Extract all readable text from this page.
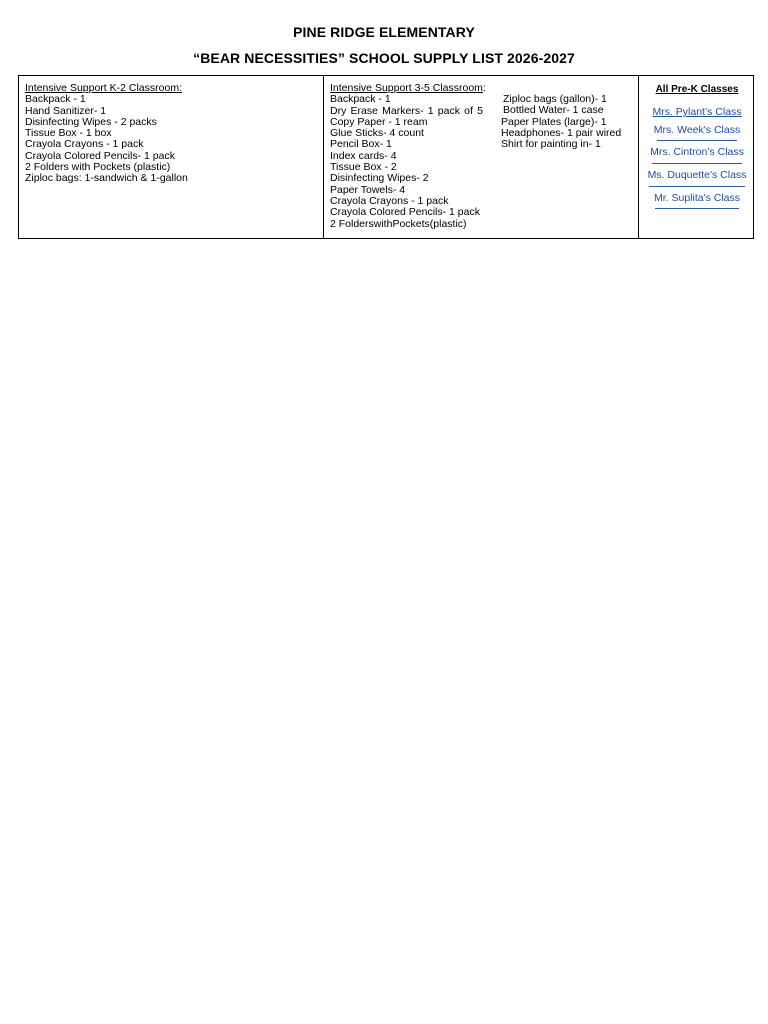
PINE RIDGE ELEMENTARY
“BEAR NECESSITIES” SCHOOL SUPPLY LIST 2026-2027
Intensive Support K-2 Classroom:
Backpack - 1
Hand Sanitizer- 1
Disinfecting Wipes - 2 packs
Tissue Box - 1 box
Crayola Crayons - 1 pack
Crayola Colored Pencils- 1 pack
2 Folders with Pockets (plastic)
Ziploc bags: 1-sandwich & 1-gallon
Intensive Support 3-5 Classroom:
Backpack - 1
Dry Erase Markers- 1 pack of 5
Copy Paper - 1 ream
Glue Sticks- 4 count
Pencil Box- 1
Index cards- 4
Tissue Box - 2
Disinfecting Wipes- 2
Paper Towels- 4
Crayola Crayons - 1 pack
Crayola Colored Pencils- 1 pack
2 FolderswithPockets(plastic)
Ziploc bags (gallon)- 1
Bottled Water- 1 case
Paper Plates (large)- 1
Headphones- 1 pair wired
Shirt for painting in- 1
All Pre-K Classes
Mrs. Pylant’s Class
Mrs. Week's Class
Mrs. Cintron’s Class
Ms. Duquette's Class
Mr. Suplita's Class
